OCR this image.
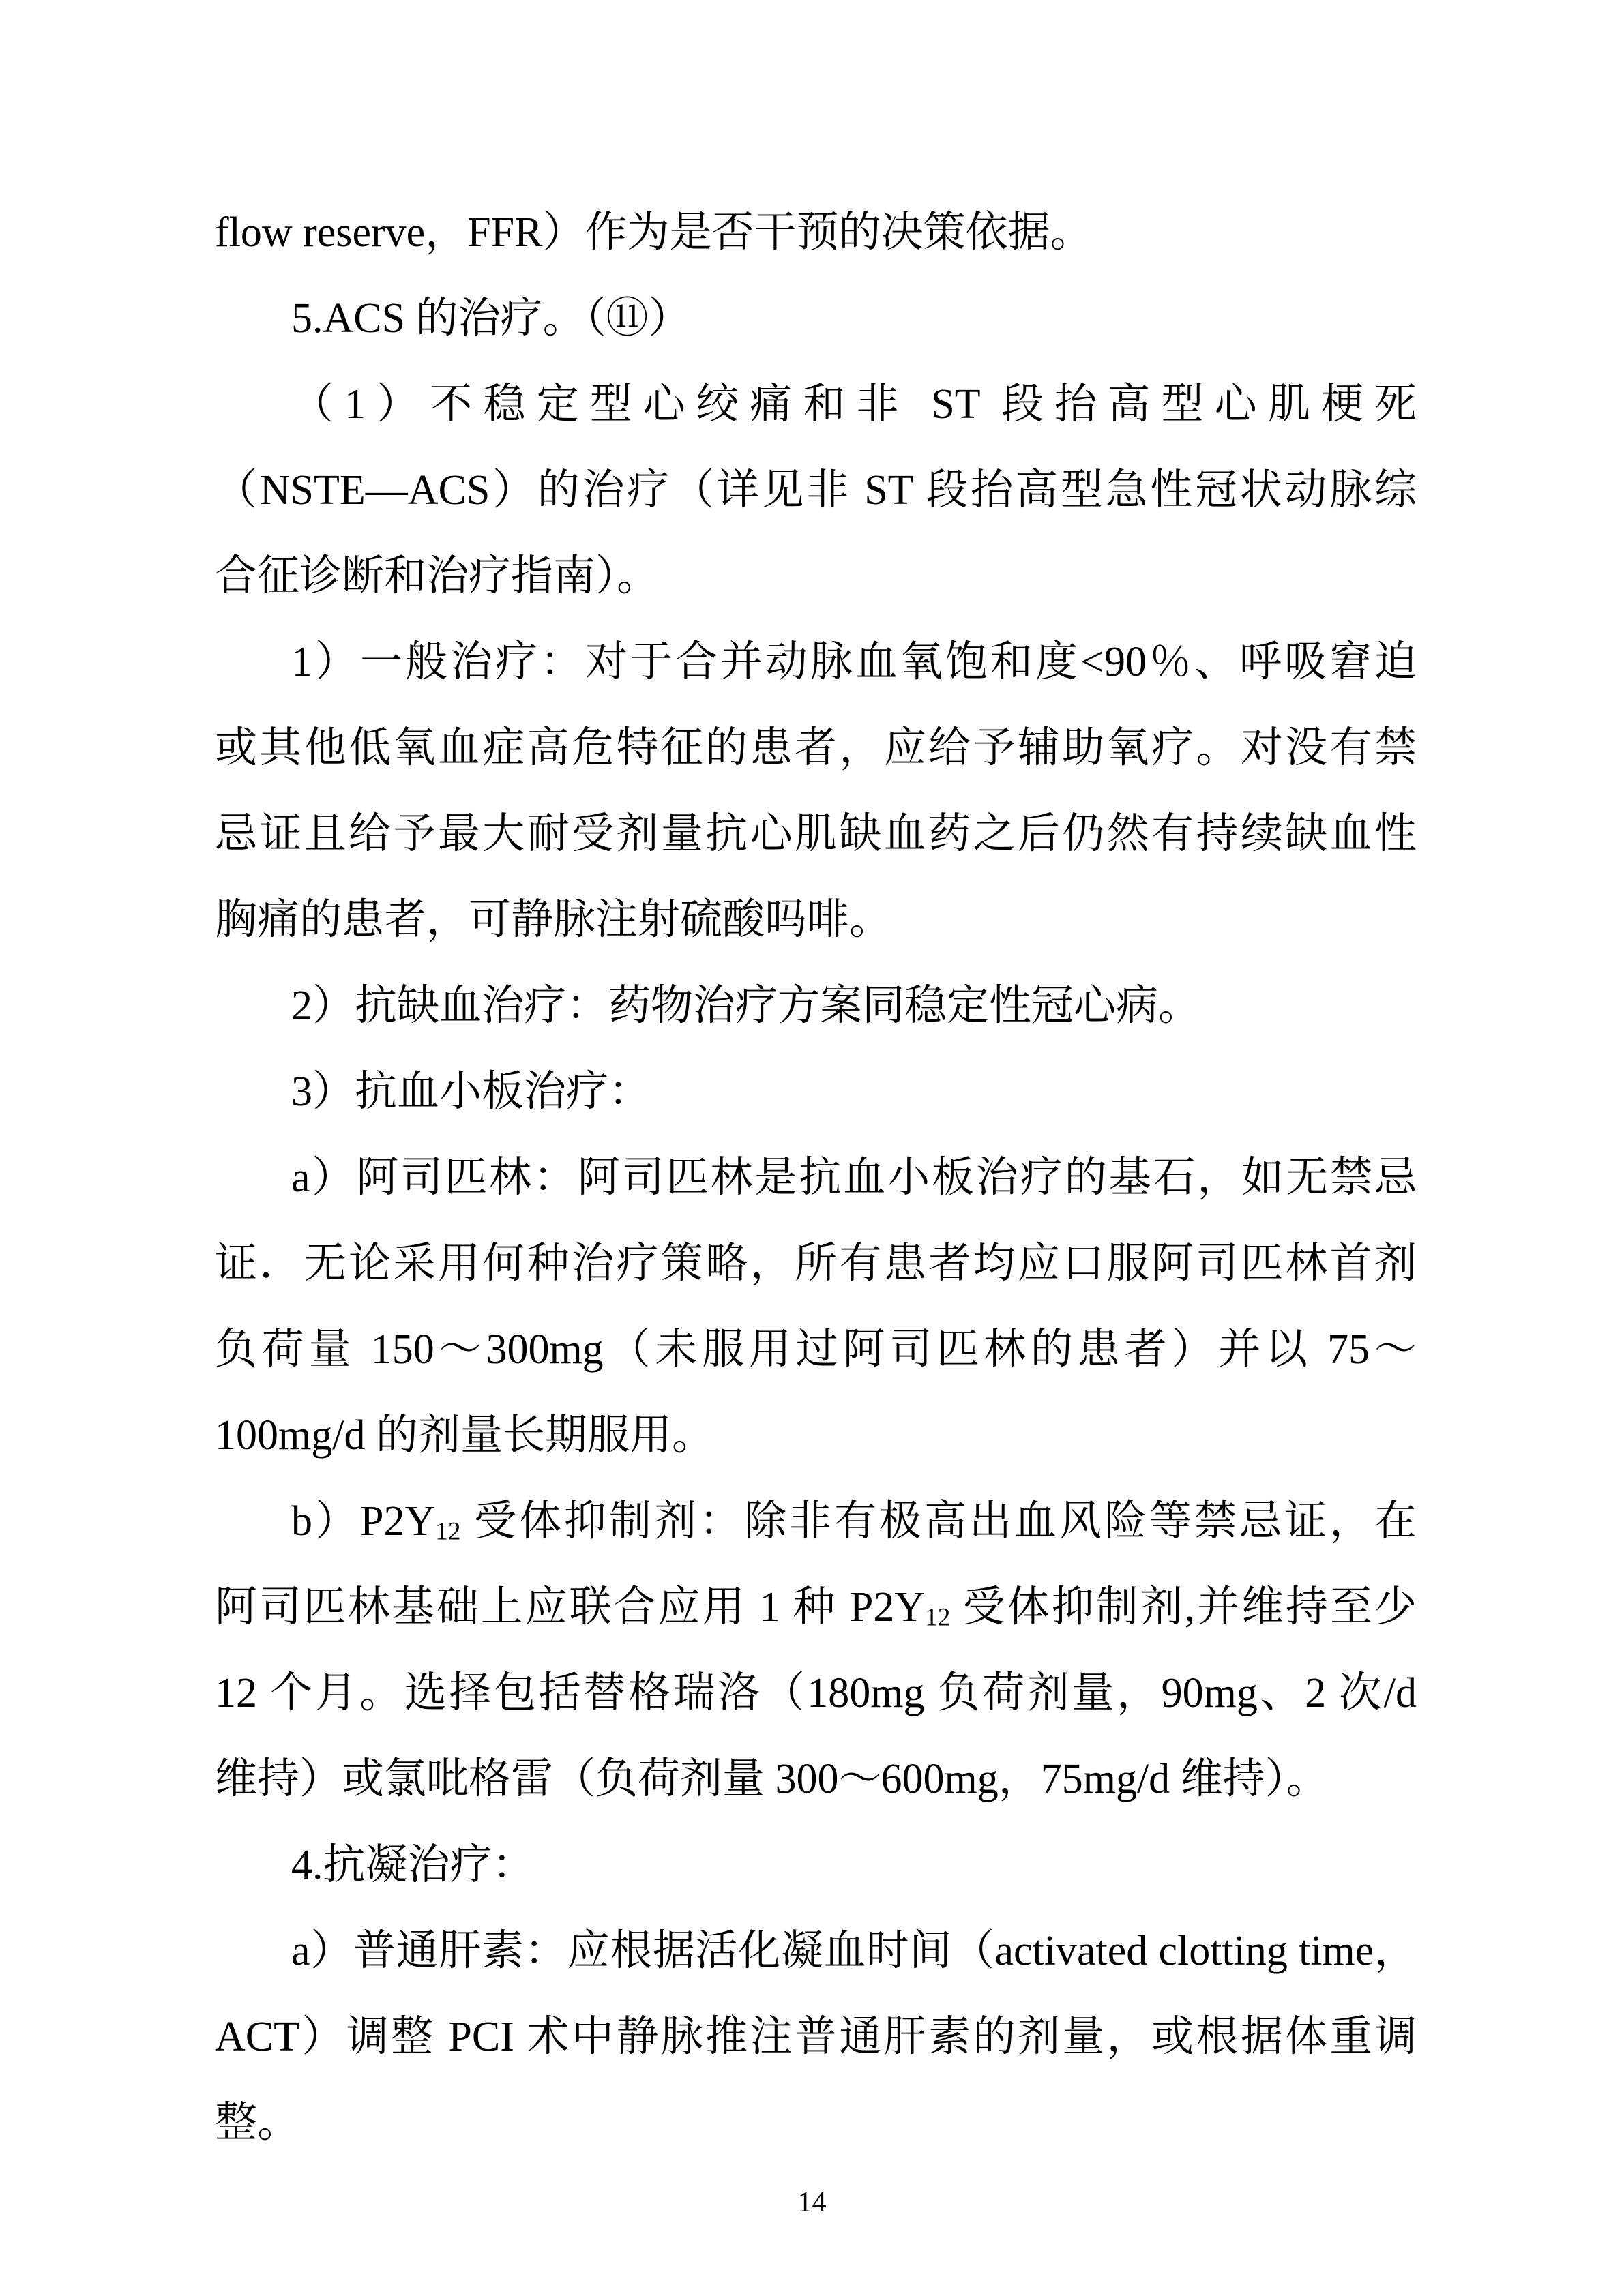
flow reserve，FFR）作为是否干预的决策依据。
5.ACS 的治疗。（⑪）
（1）不稳定型心绞痛和非 ST 段抬高型心肌梗死
（NSTE—ACS）的治疗（详见非 ST 段抬高型急性冠状动脉综
合征诊断和治疗指南）。
1）一般治疗：对于合并动脉血氧饱和度<90％、呼吸窘迫
或其他低氧血症高危特征的患者，应给予辅助氧疗。对没有禁
忌证且给予最大耐受剂量抗心肌缺血药之后仍然有持续缺血性
胸痛的患者，可静脉注射硫酸吗啡。
2）抗缺血治疗：药物治疗方案同稳定性冠心病。
3）抗血小板治疗：
a）阿司匹林：阿司匹林是抗血小板治疗的基石，如无禁忌
证．无论采用何种治疗策略，所有患者均应口服阿司匹林首剂
负荷量 150～300mg（未服用过阿司匹林的患者）并以 75～
100mg/d 的剂量长期服用。
$b)P2Y_{12}$ 受体抑制剂：除非有极高出血风险等禁忌证，在
阿司匹林基础上应联合应用 1 种 $P2Y_{12}$ 受体抑制剂,并维持至少
12 个月。选择包括替格瑞洛（180mg 负荷剂量，90mg、2 次/d
维持）或氯吡格雷（负荷剂量 300～600mg，75mg/d 维持）。
4.抗凝治疗：
a）普通肝素：应根据活化凝血时间（activated clotting time，
ACT）调整 PCI 术中静脉推注普通肝素的剂量，或根据体重调
整。
14
